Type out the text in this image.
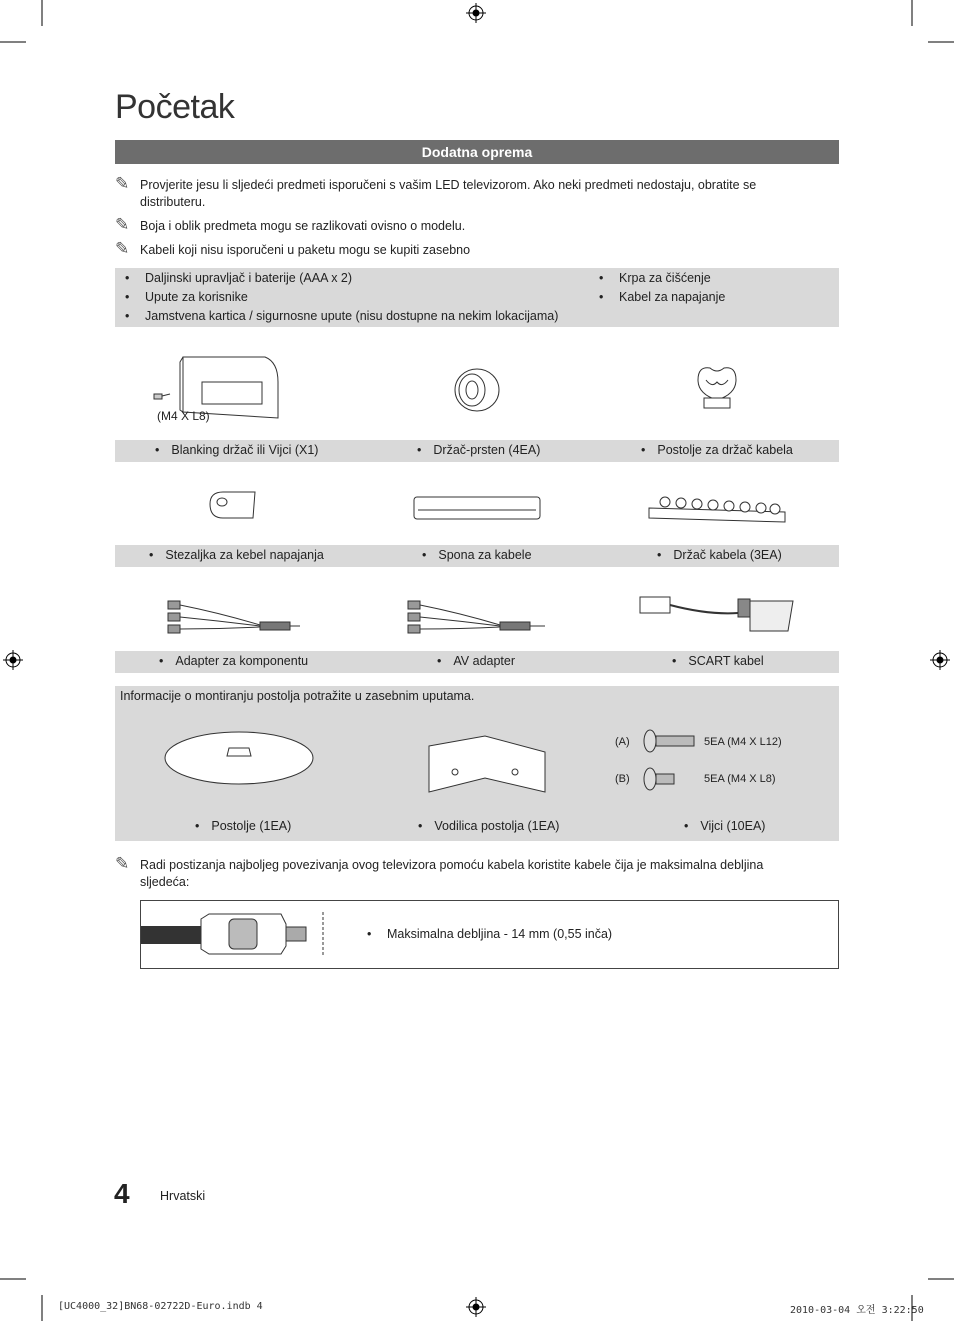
Početak
Dodatna oprema
✎ Provjerite jesu li sljedeći predmeti isporučeni s vašim LED televizorom. Ako neki predmeti nedostaju, obratite se distributeru.
✎ Boja i oblik predmeta mogu se razlikovati ovisno o modelu.
✎ Kabeli koji nisu isporučeni u paketu mogu se kupiti zasebno
• Daljinski upravljač i baterije (AAA x 2)
• Upute za korisnike
• Jamstvena kartica / sigurnosne upute (nisu dostupne na nekim lokacijama)
• Krpa za čišćenje
• Kabel za napajanje
(M4 X L8)
• Blanking držač ili Vijci (X1)	• Držač-prsten (4EA)	• Postolje za držač kabela
• Stezaljka za kebel napajanja	• Spona za kabele	• Držač kabela (3EA)
• Adapter za komponentu	• AV adapter	• SCART kabel
Informacije o montiranju postolja potražite u zasebnim uputama.
(A)	5EA (M4 X L12)
(B)	5EA (M4 X L8)
• Postolje (1EA)	• Vodilica postolja (1EA)	• Vijci (10EA)
✎ Radi postizanja najboljeg povezivanja ovog televizora pomoću kabela koristite kabele čija je maksimalna debljina sljedeća:
• Maksimalna debljina - 14 mm (0,55 inča)
4 Hrvatski
[UC4000_32]BN68-02722D-Euro.indb 4	2010-03-04 오전 3:22:50
